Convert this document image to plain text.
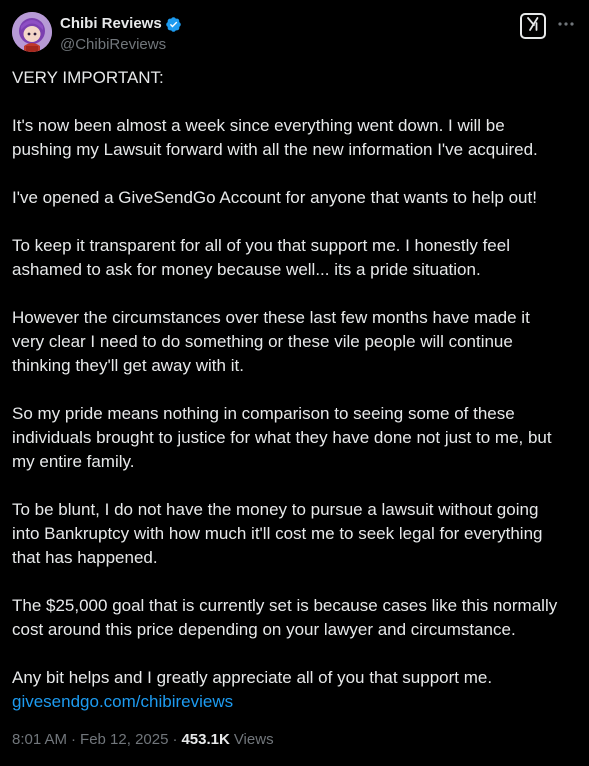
Chibi Reviews
@ChibiReviews

VERY IMPORTANT:

It's now been almost a week since everything went down. I will be
pushing my Lawsuit forward with all the new information I've acquired.

I've opened a GiveSendGo Account for anyone that wants to help out!

To keep it transparent for all of you that support me. I honestly feel
ashamed to ask for money because well... its a pride situation.

However the circumstances over these last few months have made it
very clear I need to do something or these vile people will continue
thinking they'll get away with it.

So my pride means nothing in comparison to seeing some of these
individuals brought to justice for what they have done not just to me, but
my entire family.

To be blunt, I do not have the money to pursue a lawsuit without going
into Bankruptcy with how much it'll cost me to seek legal for everything
that has happened.

The $25,000 goal that is currently set is because cases like this normally
cost around this price depending on your lawyer and circumstance.

Any bit helps and I greatly appreciate all of you that support me.
givesendgo.com/chibireviews

8:01 AM · Feb 12, 2025 · 453.1K Views
